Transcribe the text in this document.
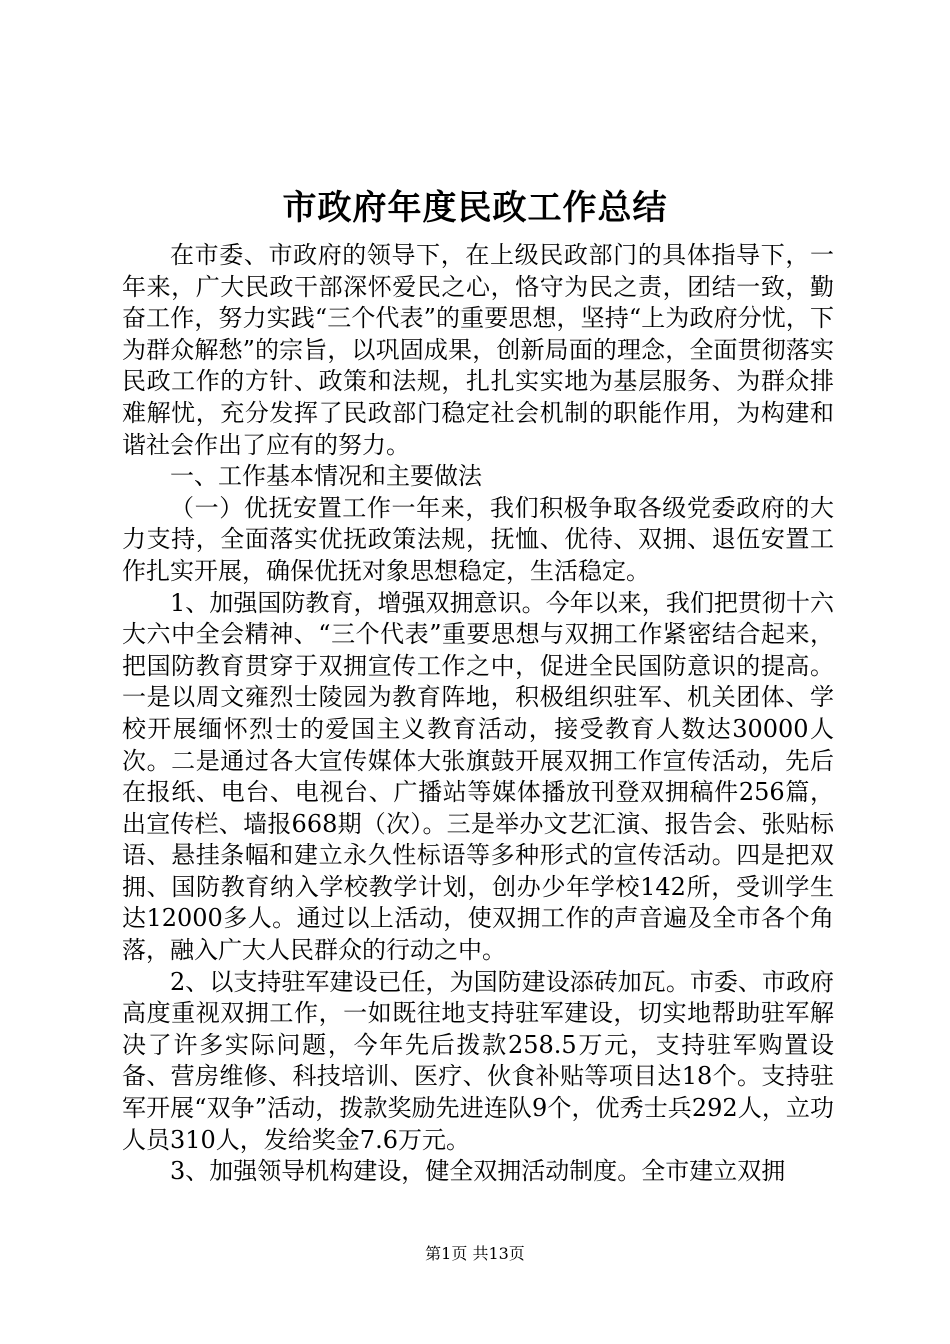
市政府年度民政工作总结

在市委、市政府的领导下，在上级民政部门的具体指导下，一年来，广大民政干部深怀爱民之心，恪守为民之责，团结一致，勤奋工作，努力实践“三个代表”的重要思想，坚持“上为政府分忧，下为群众解愁”的宗旨，以巩固成果，创新局面的理念，全面贯彻落实民政工作的方针、政策和法规，扎扎实实地为基层服务、为群众排难解忧，充分发挥了民政部门稳定社会机制的职能作用，为构建和谐社会作出了应有的努力。

一、工作基本情况和主要做法

（一）优抚安置工作一年来，我们积极争取各级党委政府的大力支持，全面落实优抚政策法规，抚恤、优待、双拥、退伍安置工作扎实开展，确保优抚对象思想稳定，生活稳定。

1、加强国防教育，增强双拥意识。今年以来，我们把贯彻十六大六中全会精神、“三个代表”重要思想与双拥工作紧密结合起来，把国防教育贯穿于双拥宣传工作之中，促进全民国防意识的提高。一是以周文雍烈士陵园为教育阵地，积极组织驻军、机关团体、学校开展缅怀烈士的爱国主义教育活动，接受教育人数达30000人次。二是通过各大宣传媒体大张旗鼓开展双拥工作宣传活动，先后在报纸、电台、电视台、广播站等媒体播放刊登双拥稿件256篇，出宣传栏、墙报668期（次）。三是举办文艺汇演、报告会、张贴标语、悬挂条幅和建立永久性标语等多种形式的宣传活动。四是把双拥、国防教育纳入学校教学计划，创办少年学校142所，受训学生达12000多人。通过以上活动，使双拥工作的声音遍及全市各个角落，融入广大人民群众的行动之中。

2、以支持驻军建设已任，为国防建设添砖加瓦。市委、市政府高度重视双拥工作，一如既往地支持驻军建设，切实地帮助驻军解决了许多实际问题，今年先后拨款258.5万元，支持驻军购置设备、营房维修、科技培训、医疗、伙食补贴等项目达18个。支持驻军开展“双争”活动，拨款奖励先进连队9个，优秀士兵292人，立功人员310人，发给奖金7.6万元。

3、加强领导机构建设，健全双拥活动制度。全市建立双拥

第1页 共13页
